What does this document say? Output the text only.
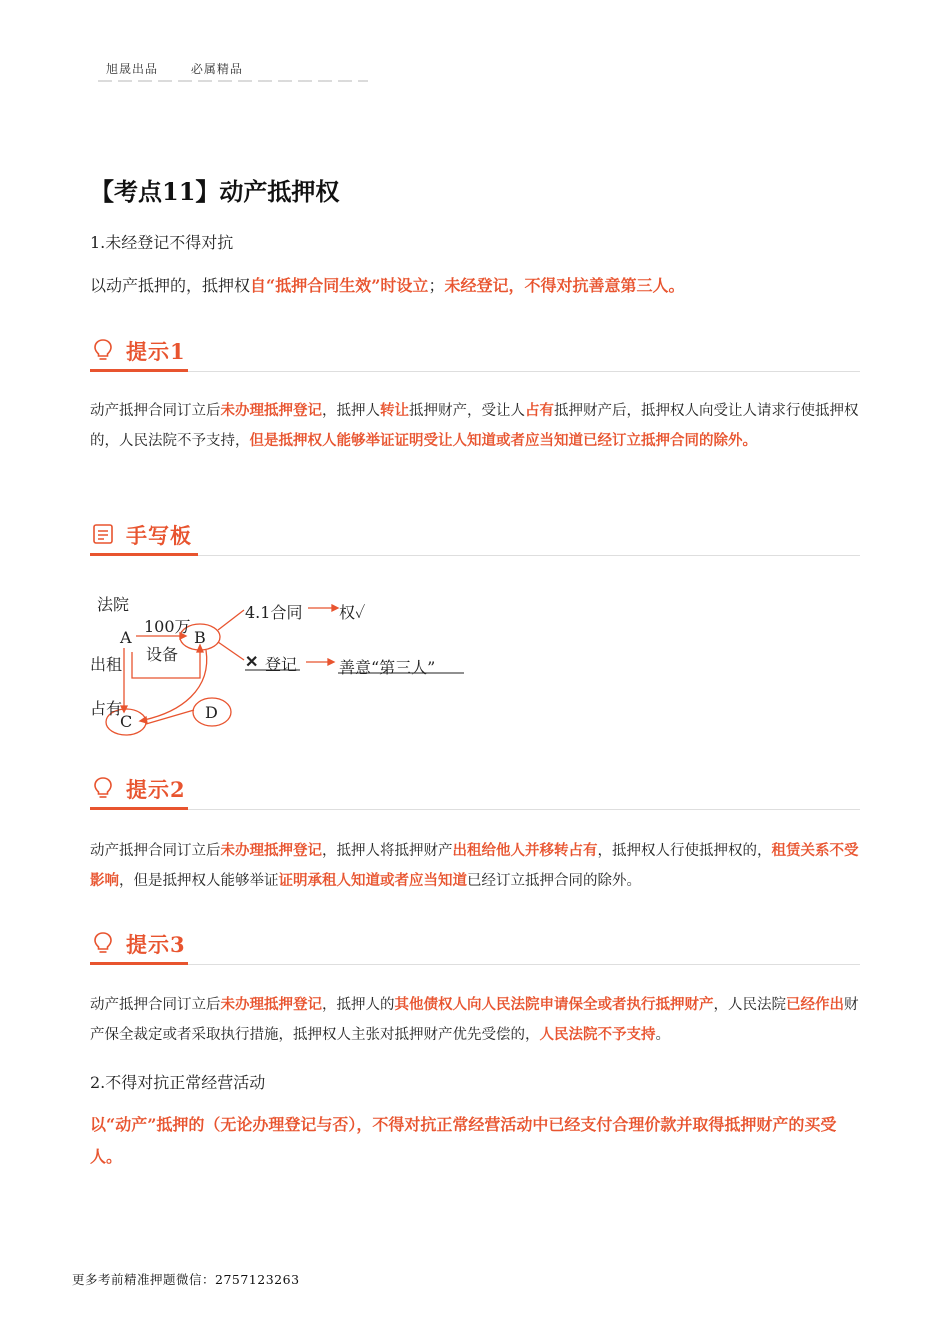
旭晟出品	必属精品
【考点11】动产抵押权
1.未经登记不得对抗
以动产抵押的，抵押权自“抵押合同生效”时设立；未经登记，不得对抗善意第三人。
提示1
动产抵押合同订立后未办理抵押登记，抵押人转让抵押财产，受让人占有抵押财产后，抵押权人向受让人请求行使抵押权的，人民法院不予支持，但是抵押权人能够举证证明受让人知道或者应当知道已经订立抵押合同的除外。
手写板
法院
A
100万
B
设备
出租
占有
C	D
4.1合同 权✓
✕ 登记	善意“第三人”
提示2
动产抵押合同订立后未办理抵押登记，抵押人将抵押财产出租给他人并移转占有，抵押权人行使抵押权的，租赁关系不受影响，但是抵押权人能够举证证明承租人知道或者应当知道已经订立抵押合同的除外。
提示3
动产抵押合同订立后未办理抵押登记，抵押人的其他债权人向人民法院申请保全或者执行抵押财产，人民法院已经作出财产保全裁定或者采取执行措施，抵押权人主张对抵押财产优先受偿的，人民法院不予支持。
2.不得对抗正常经营活动
以“动产”抵押的（无论办理登记与否），不得对抗正常经营活动中已经支付合理价款并取得抵押财产的买受人。
更多考前精准押题微信：2757123263
